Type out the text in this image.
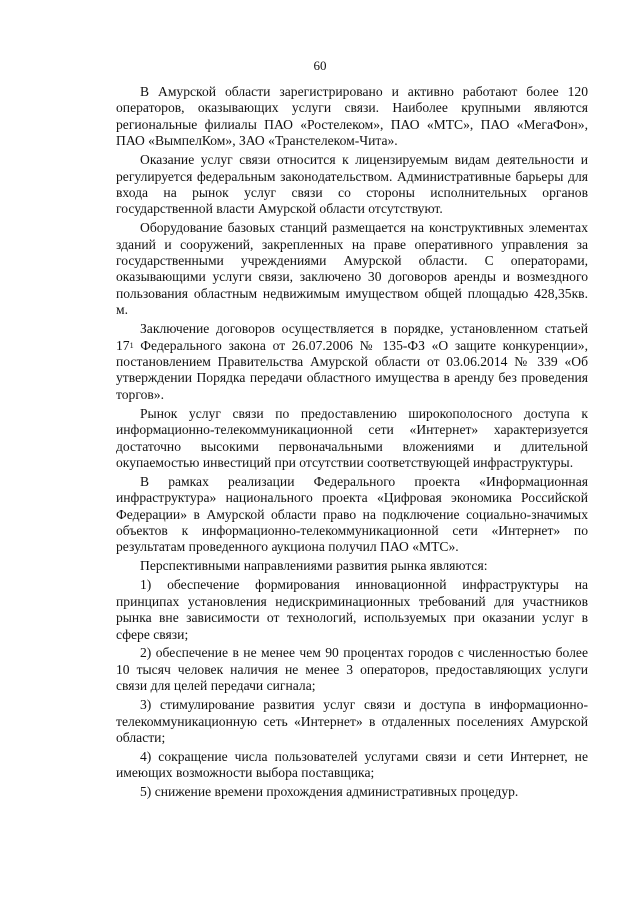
60

В Амурской области зарегистрировано и активно работают более 120 операторов, оказывающих услуги связи. Наиболее крупными являются региональные филиалы ПАО «Ростелеком», ПАО «МТС», ПАО «МегаФон», ПАО «ВымпелКом», ЗАО «Транстелеком-Чита».

Оказание услуг связи относится к лицензируемым видам деятельности и регулируется федеральным законодательством. Административные барьеры для входа на рынок услуг связи со стороны исполнительных органов государственной власти Амурской области отсутствуют.

Оборудование базовых станций размещается на конструктивных элементах зданий и сооружений, закрепленных на праве оперативного управления за государственными учреждениями Амурской области. С операторами, оказывающими услуги связи, заключено 30 договоров аренды и возмездного пользования областным недвижимым имуществом общей площадью 428,35кв. м.

Заключение договоров осуществляется в порядке, установленном статьей $17^1$ Федерального закона от 26.07.2006 № 135-ФЗ «О защите конкуренции», постановлением Правительства Амурской области от 03.06.2014 № 339 «Об утверждении Порядка передачи областного имущества в аренду без проведения торгов».

Рынок услуг связи по предоставлению широкополосного доступа к информационно-телекоммуникационной сети «Интернет» характеризуется достаточно высокими первоначальными вложениями и длительной окупаемостью инвестиций при отсутствии соответствующей инфраструктуры.

В рамках реализации Федерального проекта «Информационная инфраструктура» национального проекта «Цифровая экономика Российской Федерации» в Амурской области право на подключение социально-значимых объектов к информационно-телекоммуникационной сети «Интернет» по результатам проведенного аукциона получил ПАО «МТС».

Перспективными направлениями развития рынка являются:

1) обеспечение формирования инновационной инфраструктуры на принципах установления недискриминационных требований для участников рынка вне зависимости от технологий, используемых при оказании услуг в сфере связи;

2) обеспечение в не менее чем 90 процентах городов с численностью более 10 тысяч человек наличия не менее 3 операторов, предоставляющих услуги связи для целей передачи сигнала;

3) стимулирование развития услуг связи и доступа в информационно-телекоммуникационную сеть «Интернет» в отдаленных поселениях Амурской области;

4) сокращение числа пользователей услугами связи и сети Интернет, не имеющих возможности выбора поставщика;

5) снижение времени прохождения административных процедур.
